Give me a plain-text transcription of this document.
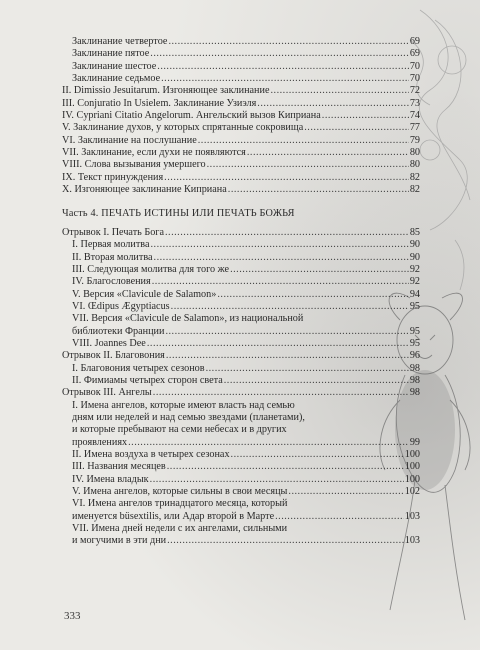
Заклинание четвертое .....	69
Заклинание пятое .....	69
Заклинание шестое .....	70
Заклинание седьмое .....	70
II. Dimissio Jesuitarum. Изгоняющее заклинание .....	72
III. Conjuratio In Usielem. Заклинание Узиэля .....	73
IV. Cypriani Citatio Angelorum. Ангельский вызов Киприана .....	74
V. Заклинание духов, у которых спрятанные сокровища .....	77
VI. Заклинание на послушание .....	79
VII. Заклинание, если духи не появляются .....	80
VIII. Слова вызывания умершего .....	80
IX. Текст принуждения .....	82
X. Изгоняющее заклинание Киприана .....	82
Часть 4. ПЕЧАТЬ ИСТИНЫ ИЛИ ПЕЧАТЬ БОЖЬЯ
Отрывок I. Печать Бога .....	85
I. Первая молитва .....	90
II. Вторая молитва .....	90
III. Следующая молитва для того же .....	92
IV. Благословения .....	92
V. Версия «Clavicule de Salamon» .....	94
VI. Œdipus Ægyptiacus .....	95
VII. Версия «Clavicule de Salamon», из национальной
библиотеки Франции .....	95
VIII. Joannes Dee .....	95
Отрывок II. Благовония .....	96
I. Благовония четырех сезонов .....	98
II. Фимиамы четырех сторон света .....	98
Отрывок III. Ангелы .....	98
I. Имена ангелов, которые имеют власть над семью
дням или неделей и над семью звездами (планетами),
и которые пребывают на семи небесах и в других
проявлениях .....	99
II. Имена воздуха в четырех сезонах .....	100
III. Названия месяцев .....	100
IV. Имена владык .....	100
V. Имена ангелов, которые сильны в свои месяцы .....	102
VI. Имена ангелов тринадцатого месяца, который
именуется büsextilis, или Адар второй в Марте .....	103
VII. Имена дней недели с их ангелами, сильными
и могучими в эти дни .....	103
333
